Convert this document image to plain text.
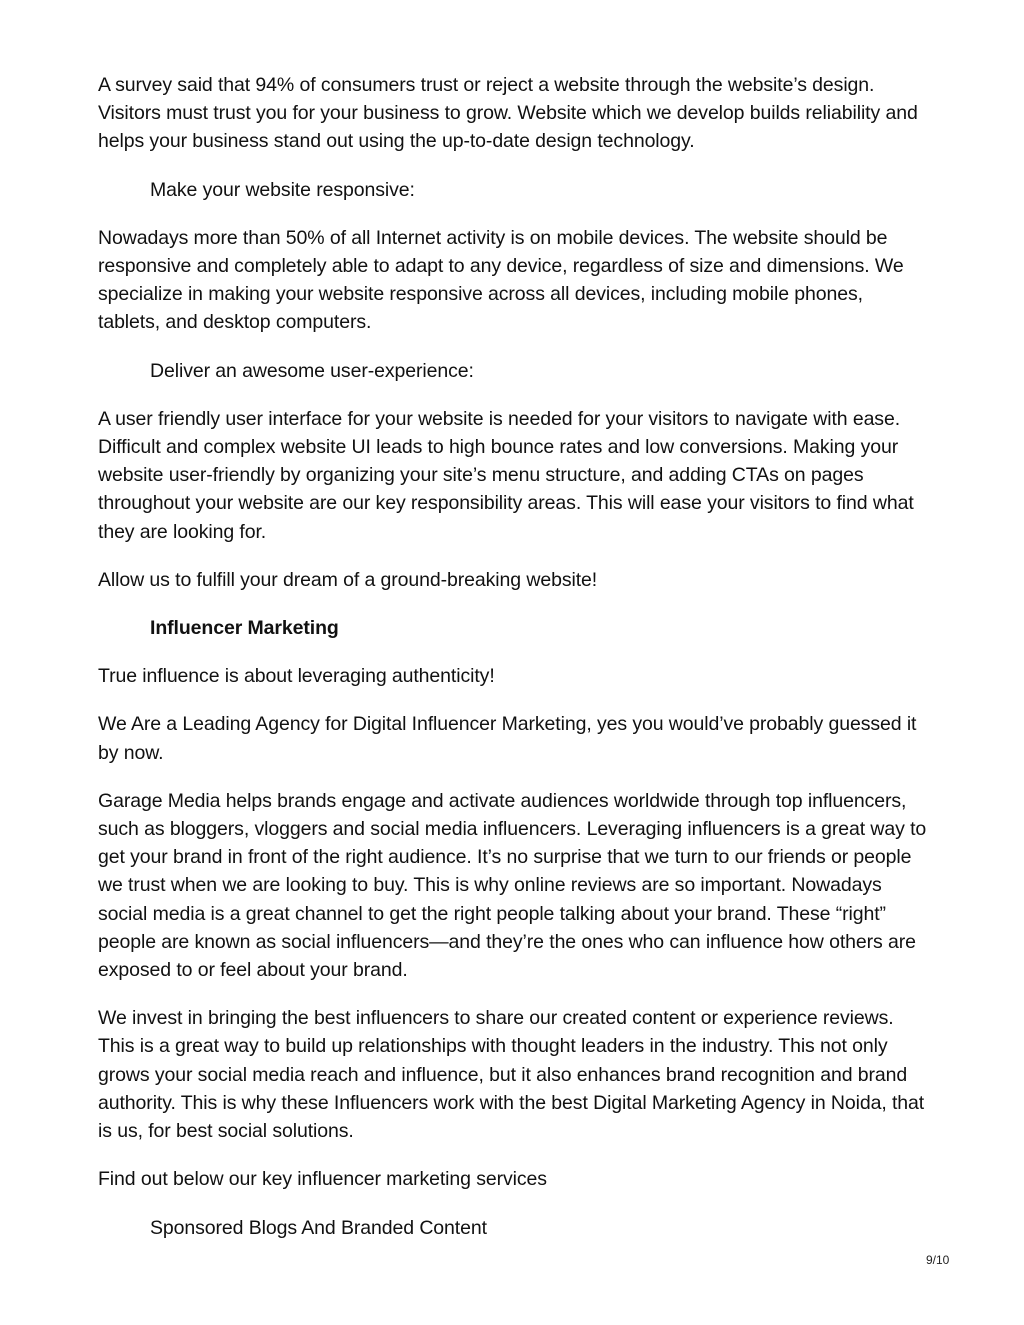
A survey said that 94% of consumers trust or reject a website through the website’s design. Visitors must trust you for your business to grow. Website which we develop builds reliability and helps your business stand out using the up-to-date design technology.

Make your website responsive:

Nowadays more than 50% of all Internet activity is on mobile devices. The website should be responsive and completely able to adapt to any device, regardless of size and dimensions. We specialize in making your website responsive across all devices, including mobile phones, tablets, and desktop computers.

Deliver an awesome user-experience:

A user friendly user interface for your website is needed for your visitors to navigate with ease. Difficult and complex website UI leads to high bounce rates and low conversions. Making your website user-friendly by organizing your site’s menu structure, and adding CTAs on pages throughout your website are our key responsibility areas. This will ease your visitors to find what they are looking for.

Allow us to fulfill your dream of a ground-breaking website!

Influencer Marketing

True influence is about leveraging authenticity!

We Are a Leading Agency for Digital Influencer Marketing, yes you would’ve probably guessed it by now.

Garage Media helps brands engage and activate audiences worldwide through top influencers, such as bloggers, vloggers and social media influencers. Leveraging influencers is a great way to get your brand in front of the right audience. It’s no surprise that we turn to our friends or people we trust when we are looking to buy. This is why online reviews are so important. Nowadays social media is a great channel to get the right people talking about your brand. These “right” people are known as social influencers—and they’re the ones who can influence how others are exposed to or feel about your brand.

We invest in bringing the best influencers to share our created content or experience reviews. This is a great way to build up relationships with thought leaders in the industry. This not only grows your social media reach and influence, but it also enhances brand recognition and brand authority. This is why these Influencers work with the best Digital Marketing Agency in Noida, that is us, for best social solutions.

Find out below our key influencer marketing services

Sponsored Blogs And Branded Content

9/10
